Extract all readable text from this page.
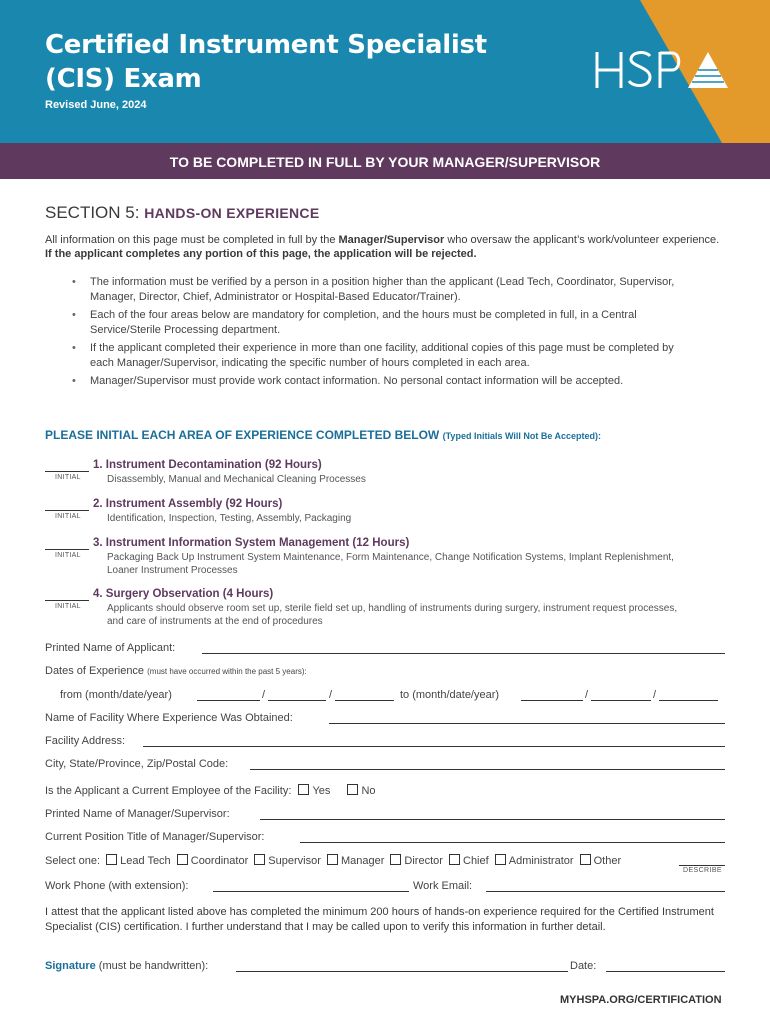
Certified Instrument Specialist
(CIS) Exam
Revised June, 2024
TO BE COMPLETED IN FULL BY YOUR MANAGER/SUPERVISOR
SECTION 5: HANDS-ON EXPERIENCE
All information on this page must be completed in full by the Manager/Supervisor who oversaw the applicant’s work/volunteer experience. If the applicant completes any portion of this page, the application will be rejected.
• The information must be verified by a person in a position higher than the applicant (Lead Tech, Coordinator, Supervisor, Manager, Director, Chief, Administrator or Hospital-Based Educator/Trainer).
• Each of the four areas below are mandatory for completion, and the hours must be completed in full, in a Central Service/Sterile Processing department.
• If the applicant completed their experience in more than one facility, additional copies of this page must be completed by each Manager/Supervisor, indicating the specific number of hours completed in each area.
• Manager/Supervisor must provide work contact information. No personal contact information will be accepted.
PLEASE INITIAL EACH AREA OF EXPERIENCE COMPLETED BELOW (Typed Initials Will Not Be Accepted):
1. Instrument Decontamination (92 Hours)
INITIAL	Disassembly, Manual and Mechanical Cleaning Processes
2. Instrument Assembly (92 Hours)
INITIAL	Identification, Inspection, Testing, Assembly, Packaging
3. Instrument Information System Management (12 Hours)
INITIAL	Packaging Back Up Instrument System Maintenance, Form Maintenance, Change Notification Systems, Implant Replenishment, Loaner Instrument Processes
4. Surgery Observation (4 Hours)
INITIAL	Applicants should observe room set up, sterile field set up, handling of instruments during surgery, instrument request processes, and care of instruments at the end of procedures
Printed Name of Applicant:
Dates of Experience (must have occurred within the past 5 years):
from (month/date/year)	/	/	to (month/date/year)	/	/
Name of Facility Where Experience Was Obtained:
Facility Address:
City, State/Province, Zip/Postal Code:
Is the Applicant a Current Employee of the Facility: Yes	No
Printed Name of Manager/Supervisor:
Current Position Title of Manager/Supervisor:
Select one: Lead Tech Coordinator Supervisor Manager Director Chief Administrator Other
DESCRIBE
Work Phone (with extension):	Work Email:
I attest that the applicant listed above has completed the minimum 200 hours of hands-on experience required for the Certified Instrument Specialist (CIS) certification. I further understand that I may be called upon to verify this information in further detail.
Signature (must be handwritten):	Date:
MYHSPA.ORG/CERTIFICATION
